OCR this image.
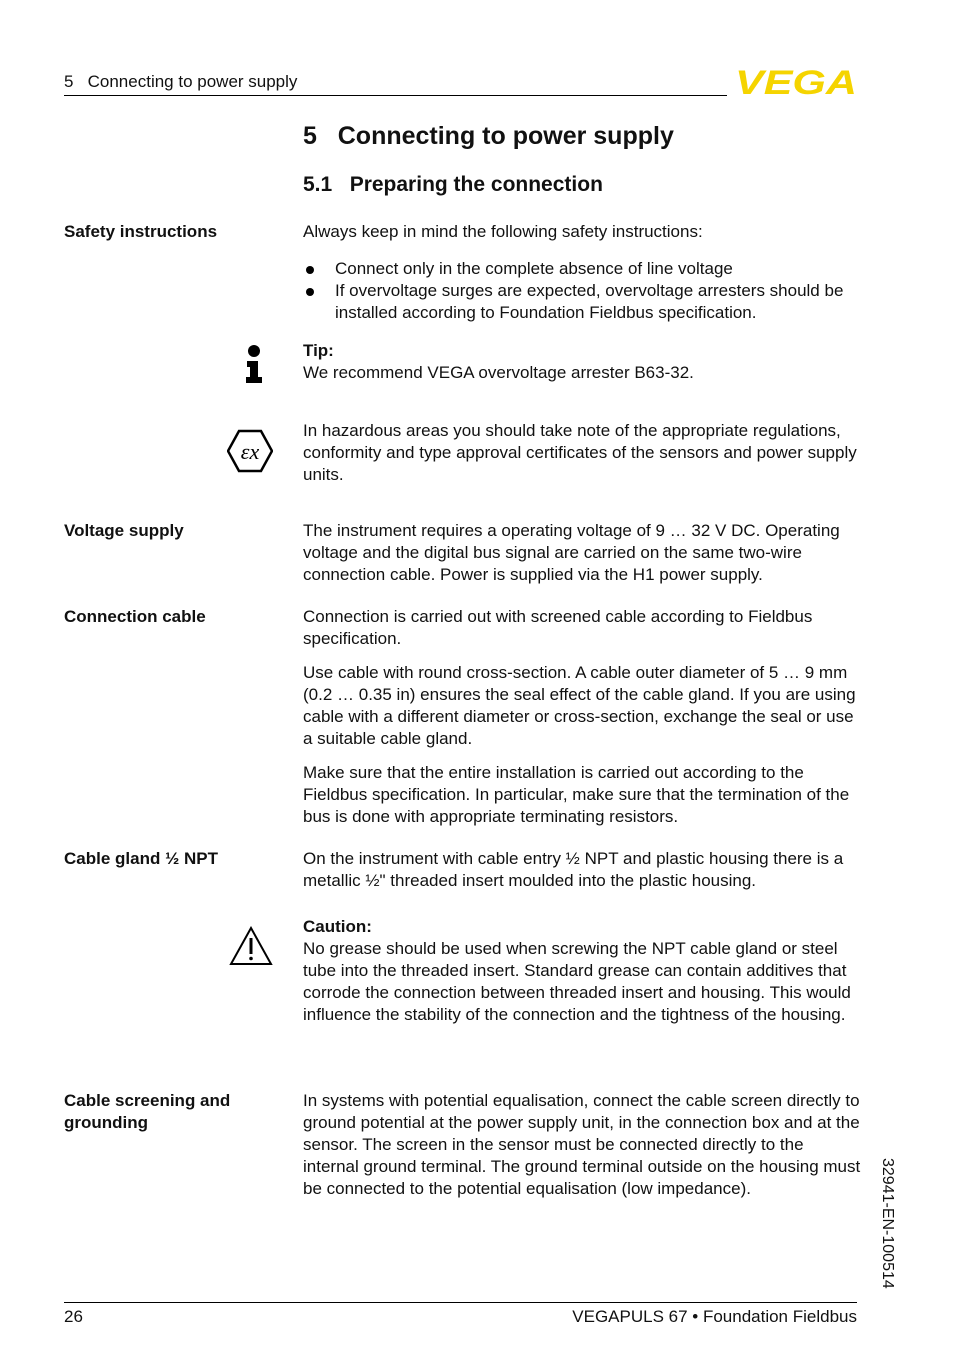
5   Connecting to power supply	VEGA
5   Connecting to power supply
5.1   Preparing the connection
Safety instructions	Always keep in mind the following safety instructions:
Connect only in the complete absence of line voltage
If overvoltage surges are expected, overvoltage arresters should be installed according to Foundation Fieldbus specification.

Tip:

We recommend VEGA overvoltage arrester B63-32.

εx
In hazardous areas you should take note of the appropriate regulations, conformity and type approval certificates of the sensors and power supply units.
Voltage supply	The instrument requires a operating voltage of 9 … 32 V DC. Operating voltage and the digital bus signal are carried on the same two-wire connection cable. Power is supplied via the H1 power supply.
Connection cable	Connection is carried out with screened cable according to Fieldbus specification.
Use cable with round cross-section. A cable outer diameter of 5 … 9 mm (0.2 … 0.35 in) ensures the seal effect of the cable gland. If you are using cable with a different diameter or cross-section, exchange the seal or use a suitable cable gland.
Make sure that the entire installation is carried out according to the Fieldbus specification. In particular, make sure that the termination of the bus is done with appropriate terminating resistors.
Cable gland ½ NPT	On the instrument with cable entry ½ NPT and plastic housing there is a metallic ½" threaded insert moulded into the plastic housing.

Caution:

No grease should be used when screwing the NPT cable gland or steel tube into the threaded insert. Standard grease can contain additives that corrode the connection between threaded insert and housing. This would influence the stability of the connection and the tightness of the housing.

Cable screening and grounding
In systems with potential equalisation, connect the cable screen directly to ground potential at the power supply unit, in the connection box and at the sensor. The screen in the sensor must be connected directly to the internal ground terminal. The ground terminal outside on the housing must be connected to the potential equalisation (low impedance).	32941-EN-100514
26	VEGAPULS 67 • Foundation Fieldbus
